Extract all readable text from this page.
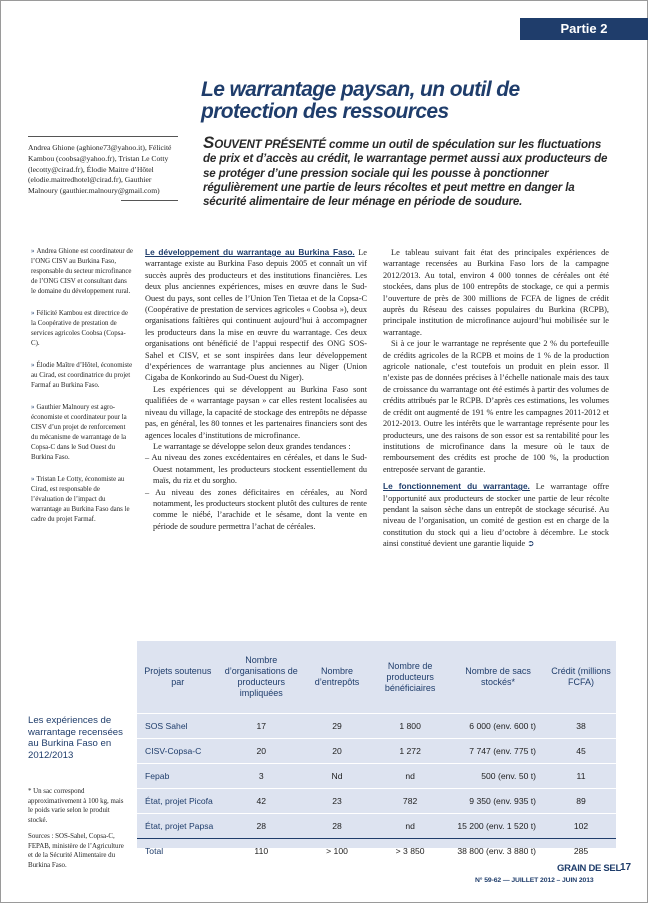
Partie 2
Le warrantage paysan, un outil de protection des ressources

Andrea Ghione (aghione73@yahoo.it), Félicité Kambou (coobsa@yahoo.fr), Tristan Le Cotty (lecotty@cirad.fr), Élodie Maitre d’Hôtel (elodie.maitredhotel@cirad.fr), Gauthier Malnoury (gauthier.malnoury@gmail.com)

SOUVENT PRÉSENTÉ comme un outil de spéculation sur les fluctuations de prix et d’accès au crédit, le warrantage permet aussi aux producteurs de se protéger d’une pression sociale qui les pousse à ponctionner régulièrement une partie de leurs récoltes et peut mettre en danger la sécurité alimentaire de leur ménage en période de soudure.

» Andrea Ghione est coordinateur de l’ONG CISV au Burkina Faso, responsable du secteur microfinance de l’ONG CISV et consultant dans le domaine du développement rural.

» Félicité Kambou est directrice de la Coopérative de prestation de services agricoles Coobsa (Copsa-C).

» Élodie Maître d’Hôtel, économiste au Cirad, est coordinatrice du projet Farmaf au Burkina Faso.

» Gauthier Malnoury est agro-économiste et coordinateur pour la CISV d’un projet de renforcement du mécanisme de warrantage de la Copsa-C dans le Sud Ouest du Burkina Faso.

» Tristan Le Cotty, économiste au Cirad, est responsable de l’évaluation de l’impact du warrantage au Burkina Faso dans le cadre du projet Farmaf.

Le développement du warrantage au Burkina Faso. Le warrantage existe au Burkina Faso depuis 2005 et connaît un vif succès auprès des producteurs et des institutions financières. Les deux plus anciennes expériences, mises en œuvre dans le Sud-Ouest du pays, sont celles de l’Union Ten Tietaa et de la Copsa-C (Coopérative de prestation de services agricoles « Coobsa »), deux organisations faîtières qui continuent aujourd’hui à accompagner les producteurs dans la mise en œuvre du warrantage. Ces deux organisations ont bénéficié de l’appui respectif des ONG SOS-Sahel et CISV, et se sont inspirées dans leur développement d’expériences de warrantage plus anciennes au Niger (Union Cigaba de Konkorindo au Sud-Ouest du Niger).

Les expériences qui se développent au Burkina Faso sont qualifiées de « warrantage paysan » car elles restent localisées au niveau du village, la capacité de stockage des entrepôts ne dépasse pas, en général, les 80 tonnes et les partenaires financiers sont des agences locales d’institutions de microfinance.

Le warrantage se développe selon deux grandes tendances :

– Au niveau des zones excédentaires en céréales, et dans le Sud-Ouest notamment, les producteurs stockent essentiellement du maïs, du riz et du sorgho.

– Au niveau des zones déficitaires en céréales, au Nord notamment, les producteurs stockent plutôt des cultures de rente comme le niébé, l’arachide et le sésame, dont la vente en période de soudure permettra l’achat de céréales.

Le tableau suivant fait état des principales expériences de warrantage recensées au Burkina Faso lors de la campagne 2012/2013. Au total, environ 4 000 tonnes de céréales ont été stockées, dans plus de 100 entrepôts de stockage, ce qui a permis l’ouverture de près de 300 millions de FCFA de lignes de crédit auprès du Réseau des caisses populaires du Burkina (RCPB), principale institution de microfinance aujourd’hui mobilisée sur le warrantage.

Si à ce jour le warrantage ne représente que 2 % du portefeuille de crédits agricoles de la RCPB et moins de 1 % de la production agricole nationale, c’est toutefois un produit en plein essor. Il n’existe pas de données précises à l’échelle nationale mais des taux de croissance du warrantage ont été estimés à partir des volumes de crédits attribués par le RCPB. D’après ces estimations, les volumes de crédit ont augmenté de 191 % entre les campagnes 2011-2012 et 2012-2013. Outre les intérêts que le warrantage représente pour les producteurs, une des raisons de son essor est sa rentabilité pour les institutions de microfinance dans la mesure où le taux de remboursement des crédits est proche de 100 %, la production entreposée servant de garantie.

Le fonctionnement du warrantage. Le warrantage offre l’opportunité aux producteurs de stocker une partie de leur récolte pendant la saison sèche dans un entrepôt de stockage sécurisé. Au niveau de l’organisation, un comité de gestion est en charge de la constitution du stock qui a lieu d’octobre à décembre. Le stock ainsi constitué devient une garantie liquide ➲

Projets soutenus par	Nombre d’organisations de producteurs impliquées	Nombre d’entrepôts	Nombre de producteurs bénéficiaires	Nombre de sacs stockés*	Crédit (millions FCFA)
SOS Sahel	17	29	1 800	6 000 (env. 600 t)	38
CISV-Copsa-C	20	20	1 272	7 747 (env. 775 t)	45
Fepab	3	Nd	nd	500 (env. 50 t)	11
État, projet Picofa	42	23	782	9 350 (env. 935 t)	89
État, projet Papsa	28	28	nd	15 200 (env. 1 520 t)	102
Total	110	> 100	> 3 850	38 800 (env. 3 880 t)	285

Les expériences de warrantage recensées au Burkina Faso en 2012/2013

* Un sac correspond approximativement à 100 kg, mais le poids varie selon le produit stocké.

Sources : SOS-Sahel, Copsa-C, FEPAB, ministère de l’Agriculture et de la Sécurité Alimentaire du Burkina Faso.	GRAIN DE SEL 17
N° 59-62 — JUILLET 2012 – JUIN 2013
